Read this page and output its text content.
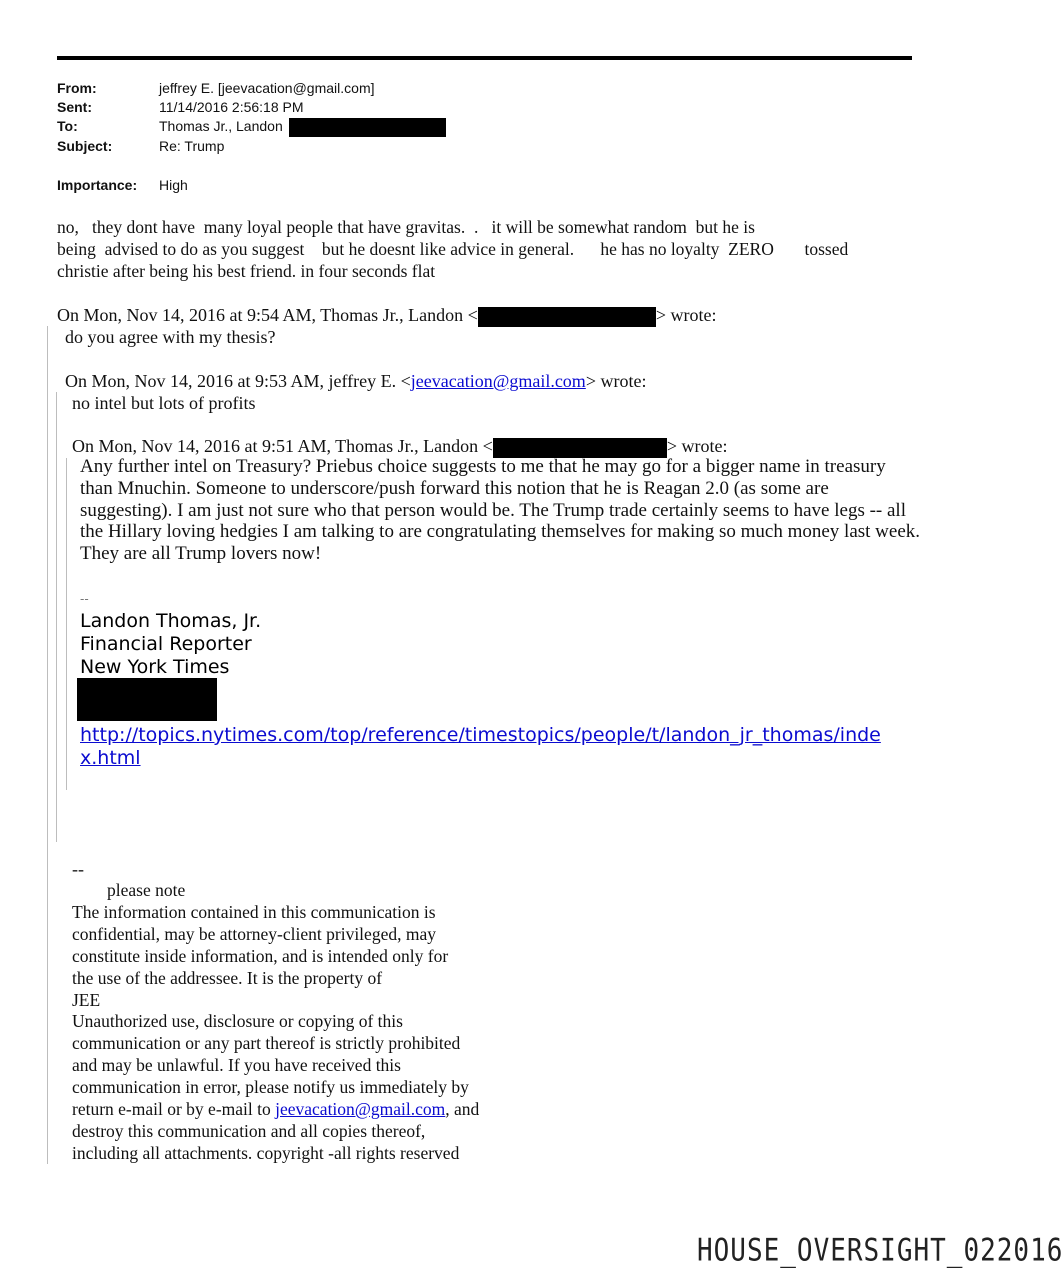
From:	jeffrey E. [jeevacation@gmail.com]
Sent:	11/14/2016 2:56:18 PM
To:	Thomas Jr., Landon
Subject:	Re: Trump
Importance: High
no,   they dont have  many loyal people that have gravitas.  .   it will be somewhat random  but he is
being  advised to do as you suggest    but he doesnt like advice in general.      he has no loyalty  ZERO       tossed
christie after being his best friend. in four seconds flat
On Mon, Nov 14, 2016 at 9:54 AM, Thomas Jr., Landon <	> wrote:
do you agree with my thesis?
On Mon, Nov 14, 2016 at 9:53 AM, jeffrey E. <jeevacation@gmail.com> wrote:
no intel but lots of profits
On Mon, Nov 14, 2016 at 9:51 AM, Thomas Jr., Landon <	> wrote:
Any further intel on Treasury? Priebus choice suggests to me that he may go for a bigger name in treasury than Mnuchin. Someone to underscore/push forward this notion that he is Reagan 2.0 (as some are suggesting). I am just not sure who that person would be. The Trump trade certainly seems to have legs -- all the Hillary loving hedgies I am talking to are congratulating themselves for making so much money last week. They are all Trump lovers now!
--
Landon Thomas, Jr.
Financial Reporter
New York Times
http://topics.nytimes.com/top/reference/timestopics/people/t/landon_jr_thomas/inde
x.html
--
please note
The information contained in this communication is
confidential, may be attorney-client privileged, may
constitute inside information, and is intended only for
the use of the addressee. It is the property of
JEE
Unauthorized use, disclosure or copying of this
communication or any part thereof is strictly prohibited
and may be unlawful. If you have received this
communication in error, please notify us immediately by
return e-mail or by e-mail to jeevacation@gmail.com, and
destroy this communication and all copies thereof,
including all attachments. copyright -all rights reserved
HOUSE_OVERSIGHT_022016
